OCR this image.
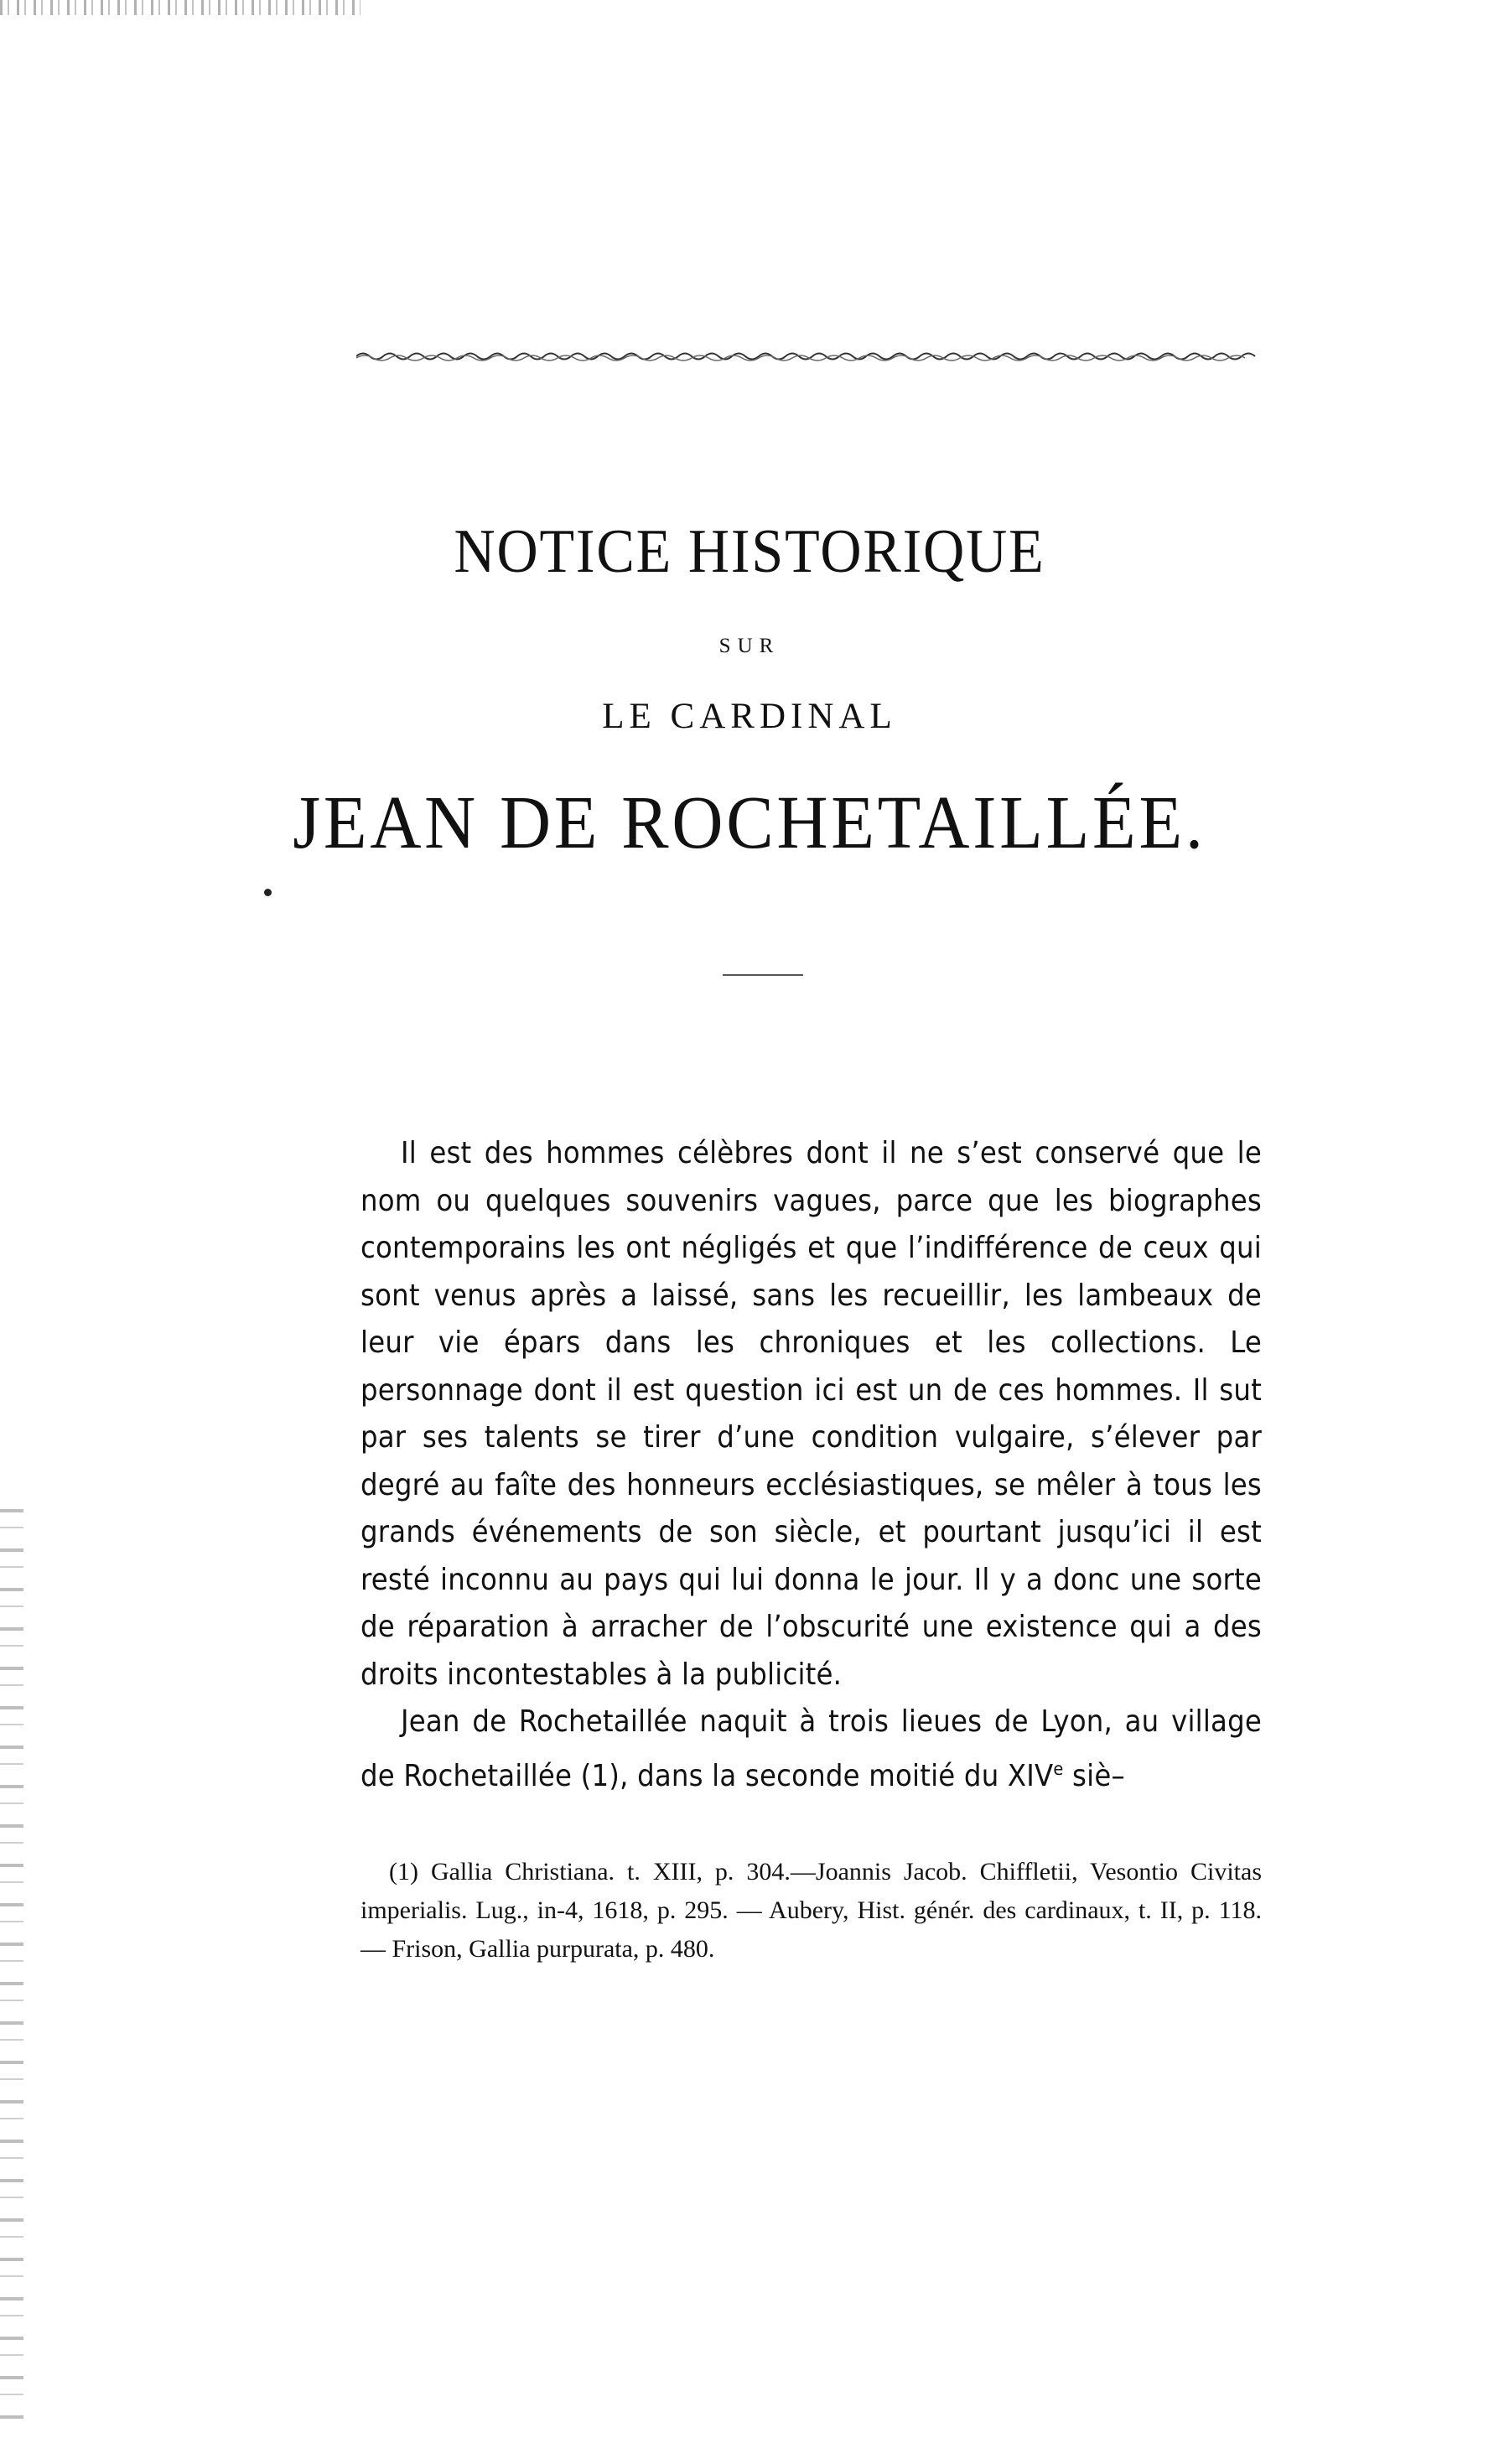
NOTICE HISTORIQUE
SUR
LE CARDINAL
JEAN DE ROCHETAILLÉE.

Il est des hommes célèbres dont il ne s’est conservé que le nom ou quelques souvenirs vagues, parce que les biographes contemporains les ont négligés et que l’indifférence de ceux qui sont venus après a laissé, sans les recueillir, les lambeaux de leur vie épars dans les chroniques et les collections. Le personnage dont il est question ici est un de ces hommes. Il sut par ses talents se tirer d’une condition vulgaire, s’élever par degré au faîte des honneurs ecclésiastiques, se mêler à tous les grands événements de son siècle, et pourtant jusqu’ici il est resté inconnu au pays qui lui donna le jour. Il y a donc une sorte de réparation à arracher de l’obscurité une existence qui a des droits incontestables à la publicité.

Jean de Rochetaillée naquit à trois lieues de Lyon, au village de Rochetaillée (1), dans la seconde moitié du XIVe siè–

(1) Gallia Christiana. t. XIII, p. 304.—Joannis Jacob. Chiffletii, Vesontio Civitas imperialis. Lug., in-4, 1618, p. 295. — Aubery, Hist. génér. des cardinaux, t. II, p. 118. — Frison, Gallia purpurata, p. 480.
